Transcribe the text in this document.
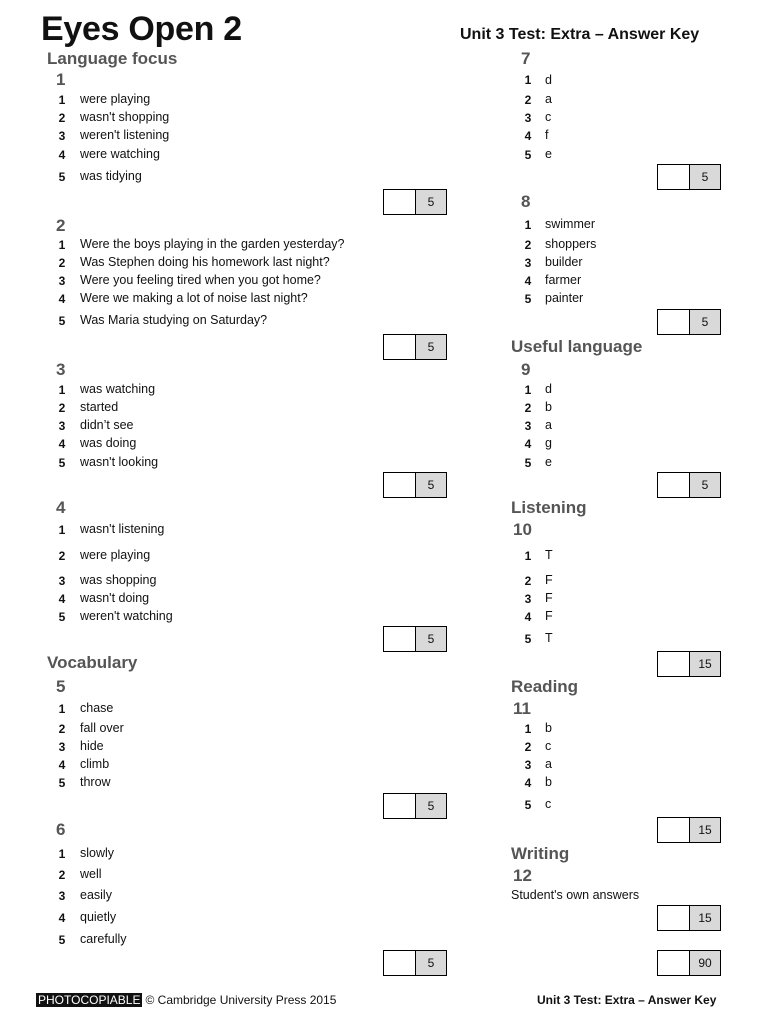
Eyes Open 2	Unit 3 Test: Extra – Answer Key
Language focus
Vocabulary
Useful language
Listening
Reading
Writing
1
2
3
4
5
6
7
8
9
10
11
12
1 were playing
2 wasn't shopping
3 weren't listening
4 were watching
5 was tidying
5
1 Were the boys playing in the garden yesterday?
2 Was Stephen doing his homework last night?
3 Were you feeling tired when you got home?
4 Were we making a lot of noise last night?
5 Was Maria studying on Saturday?
5
1 was watching
2 started
3 didn’t see
4 was doing
5 wasn't looking
5
1 wasn't listening
2 were playing
3 was shopping
4 wasn't doing
5 weren't watching
5
1 chase
2 fall over
3 hide
4 climb
5 throw
5
1 slowly
2 well
3 easily
4 quietly
5 carefully
5
1 d
2 a
3 c
4 f
5 e
5
1 swimmer
2 shoppers
3 builder
4 farmer
5 painter
5
1 d
2 b
3 a
4 g
5 e
5
1 T
2 F
3 F
4 F
5 T
15
1 b
2 c
3 a
4 b
5 c
15
Student's own answers
15
90
PHOTOCOPIABLE © Cambridge University Press 2015	Unit 3 Test: Extra – Answer Key
